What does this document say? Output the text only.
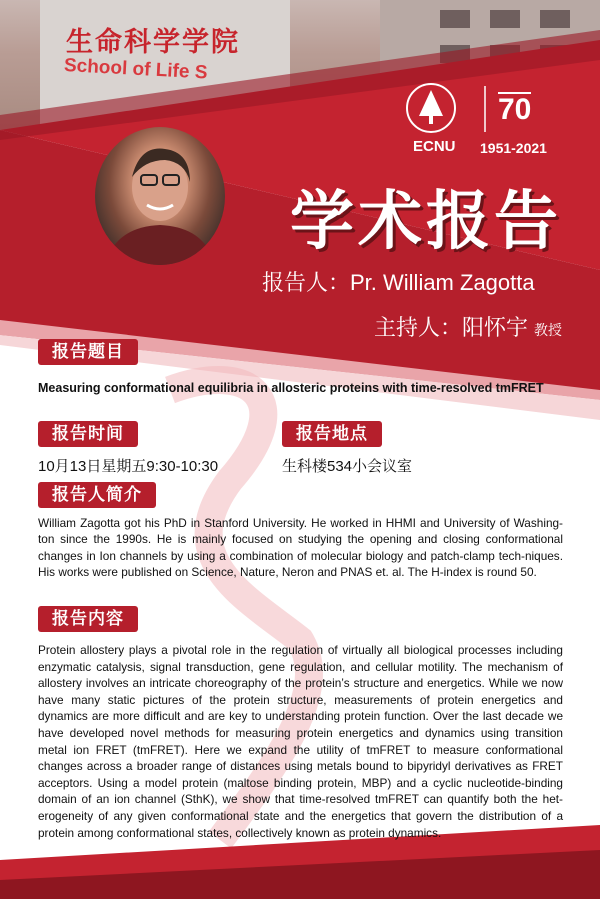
生命科学学院
School of Life S
70
ECNU 1951-2021
学术报告
报告人：Pr. William Zagotta
主持人：阳怀宇 教授
报告题目
Measuring conformational equilibria in allosteric proteins with time-resolved tmFRET
报告时间
10月13日星期五9:30-10:30
报告地点
生科楼534小会议室
报告人简介
William Zagotta got his PhD in Stanford University. He worked in HHMI and University of Washing-ton since the 1990s. He is mainly focused on studying the opening and closing conformational changes in Ion channels by using a combination of molecular biology and patch-clamp tech-niques. His works were published on Science, Nature, Neron and PNAS et. al. The H-index is round 50.
报告内容
Protein allostery plays a pivotal role in the regulation of virtually all biological processes including enzymatic catalysis, signal transduction, gene regulation, and cellular motility. The mechanism of allostery involves an intricate choreography of the protein’s structure and energetics. While we now have many static pictures of the protein structure, measurements of protein energetics and dynamics are more difficult and are key to understanding protein function. Over the last decade we have developed novel methods for measuring protein energetics and dynamics using transition metal ion FRET (tmFRET). Here we expand the utility of tmFRET to measure conformational changes across a broader range of distances using metals bound to bipyridyl derivatives as FRET acceptors. Using a model protein (maltose binding protein, MBP) and a cyclic nucleotide-binding domain of an ion channel (SthK), we show that time-resolved tmFRET can quantify both the het-erogeneity of any given conformational state and the energetics that govern the distribution of a protein among conformational states, collectively known as protein dynamics.
